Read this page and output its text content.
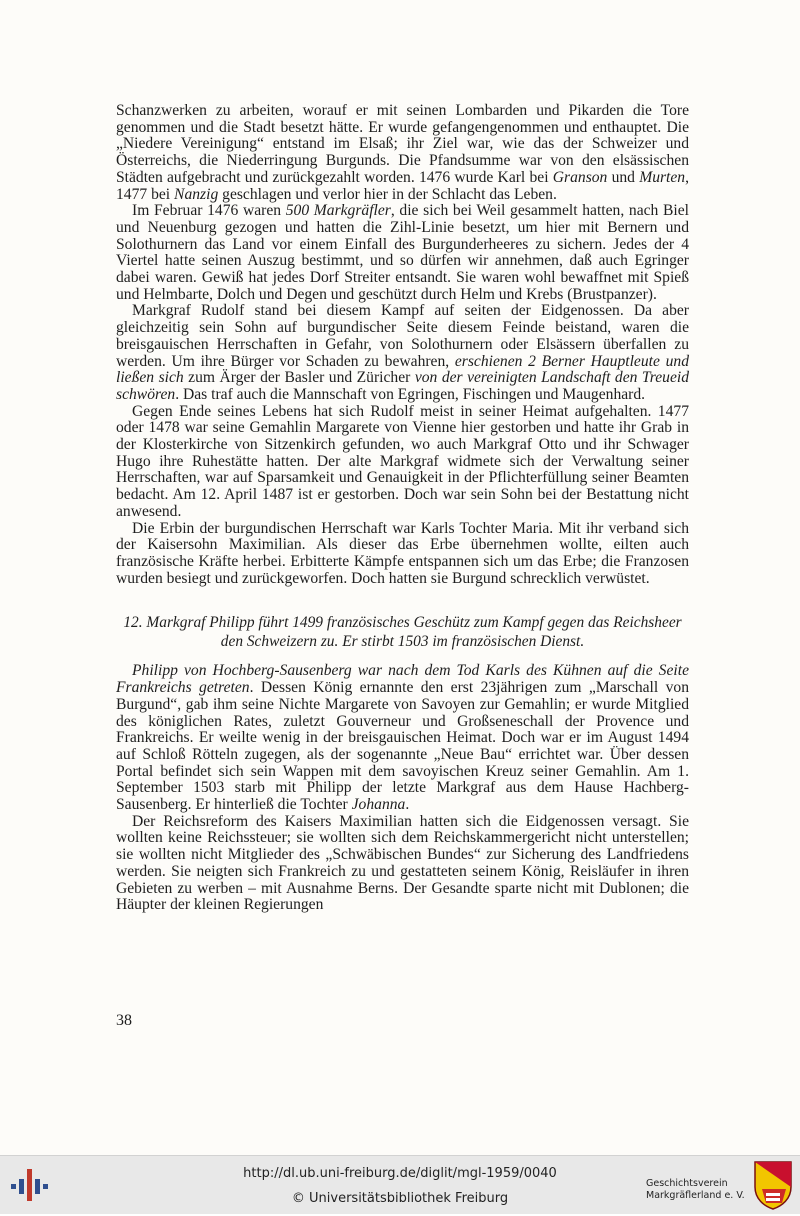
Schanzwerken zu arbeiten, worauf er mit seinen Lombarden und Pikarden die Tore genommen und die Stadt besetzt hätte. Er wurde gefangengenommen und enthauptet. Die „Niedere Vereinigung“ entstand im Elsaß; ihr Ziel war, wie das der Schweizer und Österreichs, die Niederringung Burgunds. Die Pfandsumme war von den elsässischen Städten aufgebracht und zurückgezahlt worden. 1476 wurde Karl bei Granson und Murten, 1477 bei Nanzig geschlagen und verlor hier in der Schlacht das Leben.

Im Februar 1476 waren 500 Markgräfler, die sich bei Weil gesammelt hatten, nach Biel und Neuenburg gezogen und hatten die Zihl-Linie besetzt, um hier mit Bernern und Solothurnern das Land vor einem Einfall des Burgunderheeres zu sichern. Jedes der 4 Viertel hatte seinen Auszug bestimmt, und so dürfen wir annehmen, daß auch Egringer dabei waren. Gewiß hat jedes Dorf Streiter entsandt. Sie waren wohl bewaffnet mit Spieß und Helmbarte, Dolch und Degen und geschützt durch Helm und Krebs (Brustpanzer).

Markgraf Rudolf stand bei diesem Kampf auf seiten der Eidgenossen. Da aber gleichzeitig sein Sohn auf burgundischer Seite diesem Feinde beistand, waren die breisgauischen Herrschaften in Gefahr, von Solothurnern oder Elsässern überfallen zu werden. Um ihre Bürger vor Schaden zu bewahren, erschienen 2 Berner Hauptleute und ließen sich zum Ärger der Basler und Züricher von der vereinigten Landschaft den Treueid schwören. Das traf auch die Mannschaft von Egringen, Fischingen und Maugenhard.

Gegen Ende seines Lebens hat sich Rudolf meist in seiner Heimat aufgehalten. 1477 oder 1478 war seine Gemahlin Margarete von Vienne hier gestorben und hatte ihr Grab in der Klosterkirche von Sitzenkirch gefunden, wo auch Markgraf Otto und ihr Schwager Hugo ihre Ruhestätte hatten. Der alte Markgraf widmete sich der Verwaltung seiner Herrschaften, war auf Sparsamkeit und Genauigkeit in der Pflichterfüllung seiner Beamten bedacht. Am 12. April 1487 ist er gestorben. Doch war sein Sohn bei der Bestattung nicht anwesend.

Die Erbin der burgundischen Herrschaft war Karls Tochter Maria. Mit ihr verband sich der Kaisersohn Maximilian. Als dieser das Erbe übernehmen wollte, eilten auch französische Kräfte herbei. Erbitterte Kämpfe entspannen sich um das Erbe; die Franzosen wurden besiegt und zurückgeworfen. Doch hatten sie Burgund schrecklich verwüstet.

12. Markgraf Philipp führt 1499 französisches Geschütz zum Kampf gegen das Reichsheer
den Schweizern zu. Er stirbt 1503 im französischen Dienst.

Philipp von Hochberg-Sausenberg war nach dem Tod Karls des Kühnen auf die Seite Frankreichs getreten. Dessen König ernannte den erst 23jährigen zum „Marschall von Burgund“, gab ihm seine Nichte Margarete von Savoyen zur Gemahlin; er wurde Mitglied des königlichen Rates, zuletzt Gouverneur und Großseneschall der Provence und Frankreichs. Er weilte wenig in der breisgauischen Heimat. Doch war er im August 1494 auf Schloß Rötteln zugegen, als der sogenannte „Neue Bau“ errichtet war. Über dessen Portal befindet sich sein Wappen mit dem savoyischen Kreuz seiner Gemahlin. Am 1. September 1503 starb mit Philipp der letzte Markgraf aus dem Hause Hachberg-Sausenberg. Er hinterließ die Tochter Johanna.

Der Reichsreform des Kaisers Maximilian hatten sich die Eidgenossen versagt. Sie wollten keine Reichssteuer; sie wollten sich dem Reichskammergericht nicht unterstellen; sie wollten nicht Mitglieder des „Schwäbischen Bundes“ zur Sicherung des Landfriedens werden. Sie neigten sich Frankreich zu und gestatteten seinem König, Reisläufer in ihren Gebieten zu werben – mit Ausnahme Berns. Der Gesandte sparte nicht mit Dublonen; die Häupter der kleinen Regierungen

38
http://dl.ub.uni-freiburg.de/diglit/mgl-1959/0040
© Universitätsbibliothek Freiburg
Geschichtsverein
Markgräflerland e. V.
